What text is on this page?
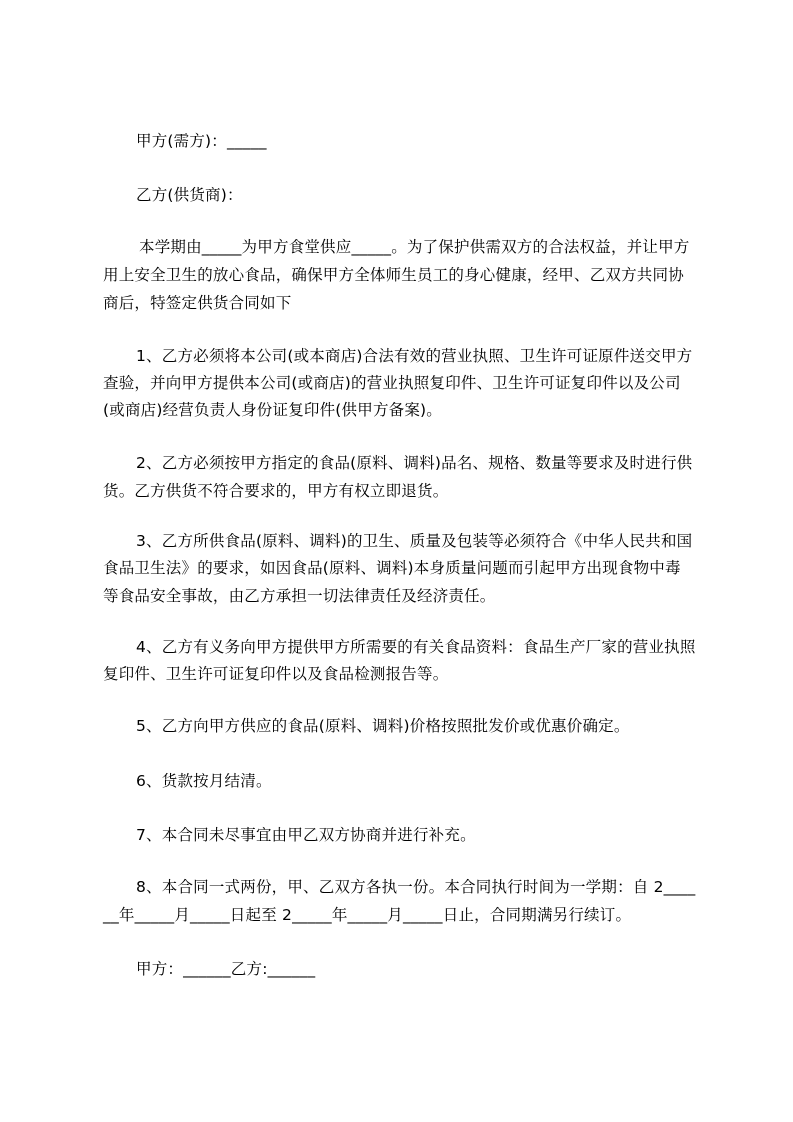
甲方(需方)：_____
乙方(供货商)：
本学期由_____为甲方食堂供应_____。为了保护供需双方的合法权益，并让甲方
用上安全卫生的放心食品，确保甲方全体师生员工的身心健康，经甲、乙双方共同协
商后，特签定供货合同如下
1、乙方必须将本公司(或本商店)合法有效的营业执照、卫生许可证原件送交甲方
查验，并向甲方提供本公司(或商店)的营业执照复印件、卫生许可证复印件以及公司
(或商店)经营负责人身份证复印件(供甲方备案)。
2、乙方必须按甲方指定的食品(原料、调料)品名、规格、数量等要求及时进行供
货。乙方供货不符合要求的，甲方有权立即退货。
3、乙方所供食品(原料、调料)的卫生、质量及包装等必须符合《中华人民共和国
食品卫生法》的要求，如因食品(原料、调料)本身质量问题而引起甲方出现食物中毒
等食品安全事故，由乙方承担一切法律责任及经济责任。
4、乙方有义务向甲方提供甲方所需要的有关食品资料：食品生产厂家的营业执照
复印件、卫生许可证复印件以及食品检测报告等。
5、乙方向甲方供应的食品(原料、调料)价格按照批发价或优惠价确定。
6、货款按月结清。
7、本合同未尽事宜由甲乙双方协商并进行补充。
8、本合同一式两份，甲、乙双方各执一份。本合同执行时间为一学期：自 2____
__年_____月_____日起至 2_____年_____月_____日止，合同期满另行续订。
甲方：______乙方:______
